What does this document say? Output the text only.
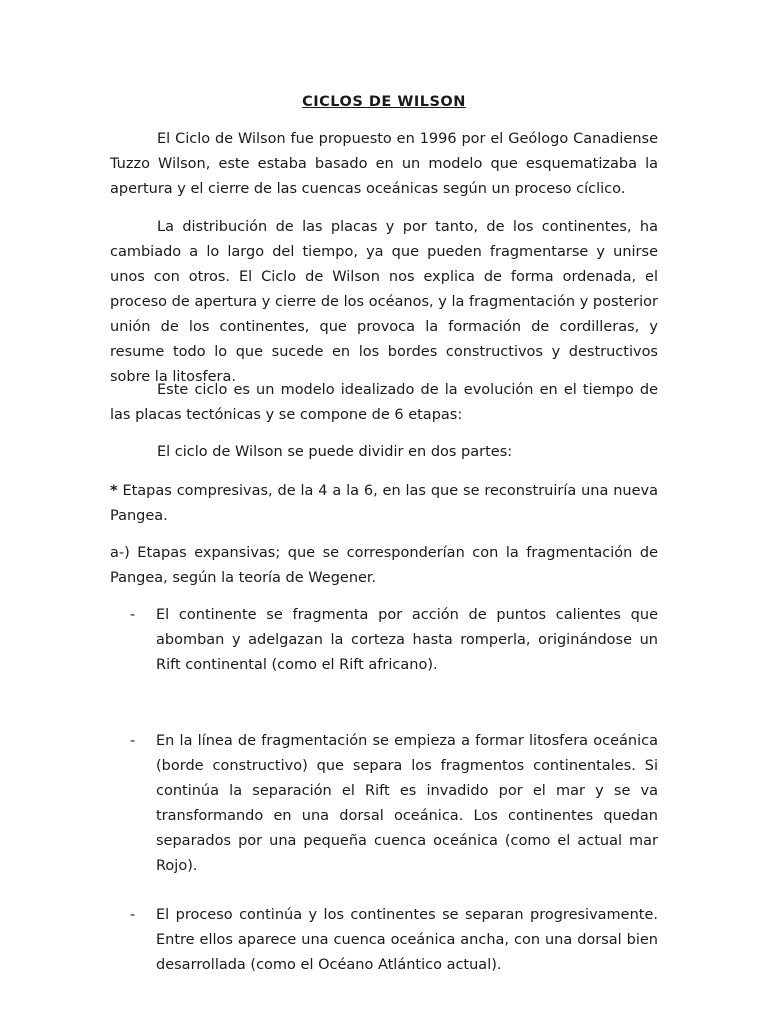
CICLOS DE WILSON

El Ciclo de Wilson fue propuesto en 1996 por el Geólogo Canadiense Tuzzo Wilson, este estaba basado en un modelo que esquematizaba la apertura y el cierre de las cuencas oceánicas según un proceso cíclico.

La distribución de las placas y por tanto, de los continentes, ha cambiado a lo largo del tiempo, ya que pueden fragmentarse y unirse unos con otros. El Ciclo de Wilson nos explica de forma ordenada, el proceso de apertura y cierre de los océanos, y la fragmentación y posterior unión de los continentes, que provoca la formación de cordilleras, y resume todo lo que sucede en los bordes constructivos y destructivos sobre la litosfera.

Este ciclo es un modelo idealizado de la evolución en el tiempo de las placas tectónicas y se compone de 6 etapas:

El ciclo de Wilson se puede dividir en dos partes:

* Etapas compresivas, de la 4 a la 6, en las que se reconstruiría una nueva Pangea.

a-) Etapas expansivas; que se corresponderían con la fragmentación de Pangea, según la teoría de Wegener.

- El continente se fragmenta por acción de puntos calientes que abomban y adelgazan la corteza hasta romperla, originándose un Rift continental (como el Rift africano).
- En la línea de fragmentación se empieza a formar litosfera oceánica (borde constructivo) que separa los fragmentos continentales. Si continúa la separación el Rift es invadido por el mar y se va transformando en una dorsal oceánica. Los continentes quedan separados por una pequeña cuenca oceánica (como el actual mar Rojo).
- El proceso continúa y los continentes se separan progresivamente. Entre ellos aparece una cuenca oceánica ancha, con una dorsal bien desarrollada (como el Océano Atlántico actual).
